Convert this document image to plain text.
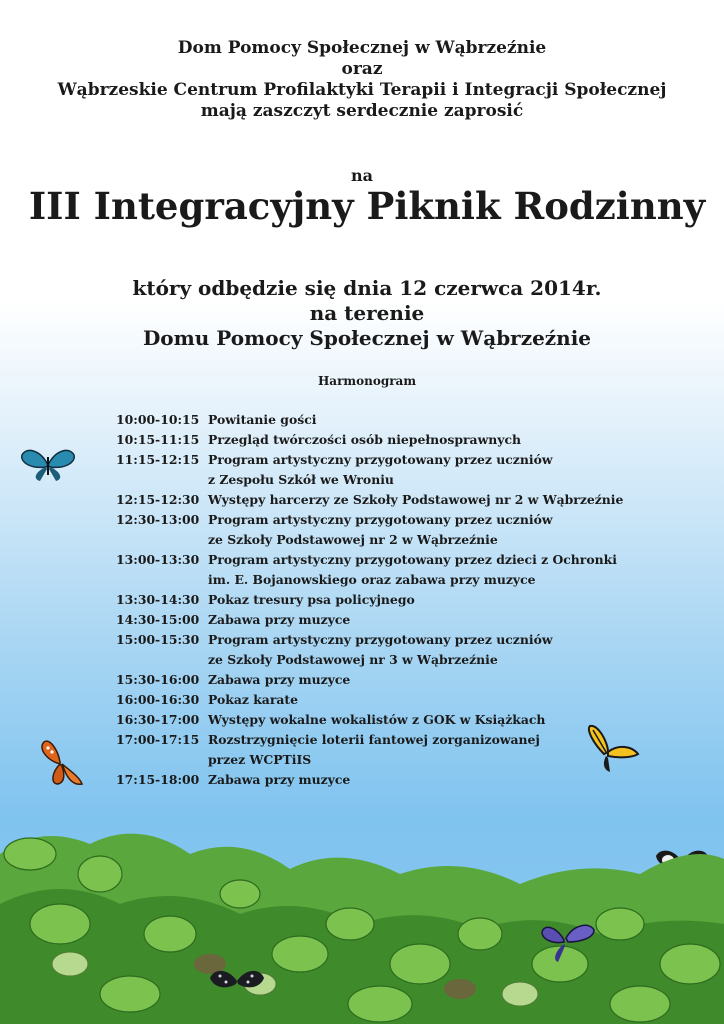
Dom Pomocy Społecznej w Wąbrzeźnie
oraz
Wąbrzeskie Centrum Profilaktyki Terapii i Integracji Społecznej
mają zaszczyt serdecznie zaprosić
na
III Integracyjny Piknik Rodzinny
który odbędzie się dnia 12 czerwca 2014r.
na terenie
Domu Pomocy Społecznej w Wąbrzeźnie
Harmonogram
10:00-10:15 Powitanie gości
10:15-11:15 Przegląd twórczości osób niepełnosprawnych
11:15-12:15 Program artystyczny przygotowany przez uczniów
z Zespołu Szkół we Wroniu
12:15-12:30 Występy harcerzy ze Szkoły Podstawowej nr 2 w Wąbrzeźnie
12:30-13:00 Program artystyczny przygotowany przez uczniów
ze Szkoły Podstawowej nr 2 w Wąbrzeźnie
13:00-13:30 Program artystyczny przygotowany przez dzieci z Ochronki
im. E. Bojanowskiego oraz zabawa przy muzyce
13:30-14:30 Pokaz tresury psa policyjnego
14:30-15:00 Zabawa przy muzyce
15:00-15:30 Program artystyczny przygotowany przez uczniów
ze Szkoły Podstawowej nr 3 w Wąbrzeźnie
15:30-16:00 Zabawa przy muzyce
16:00-16:30 Pokaz karate
16:30-17:00 Występy wokalne wokalistów z GOK w Książkach
17:00-17:15 Rozstrzygnięcie loterii fantowej zorganizowanej
przez WCPTiIS
17:15-18:00 Zabawa przy muzyce
